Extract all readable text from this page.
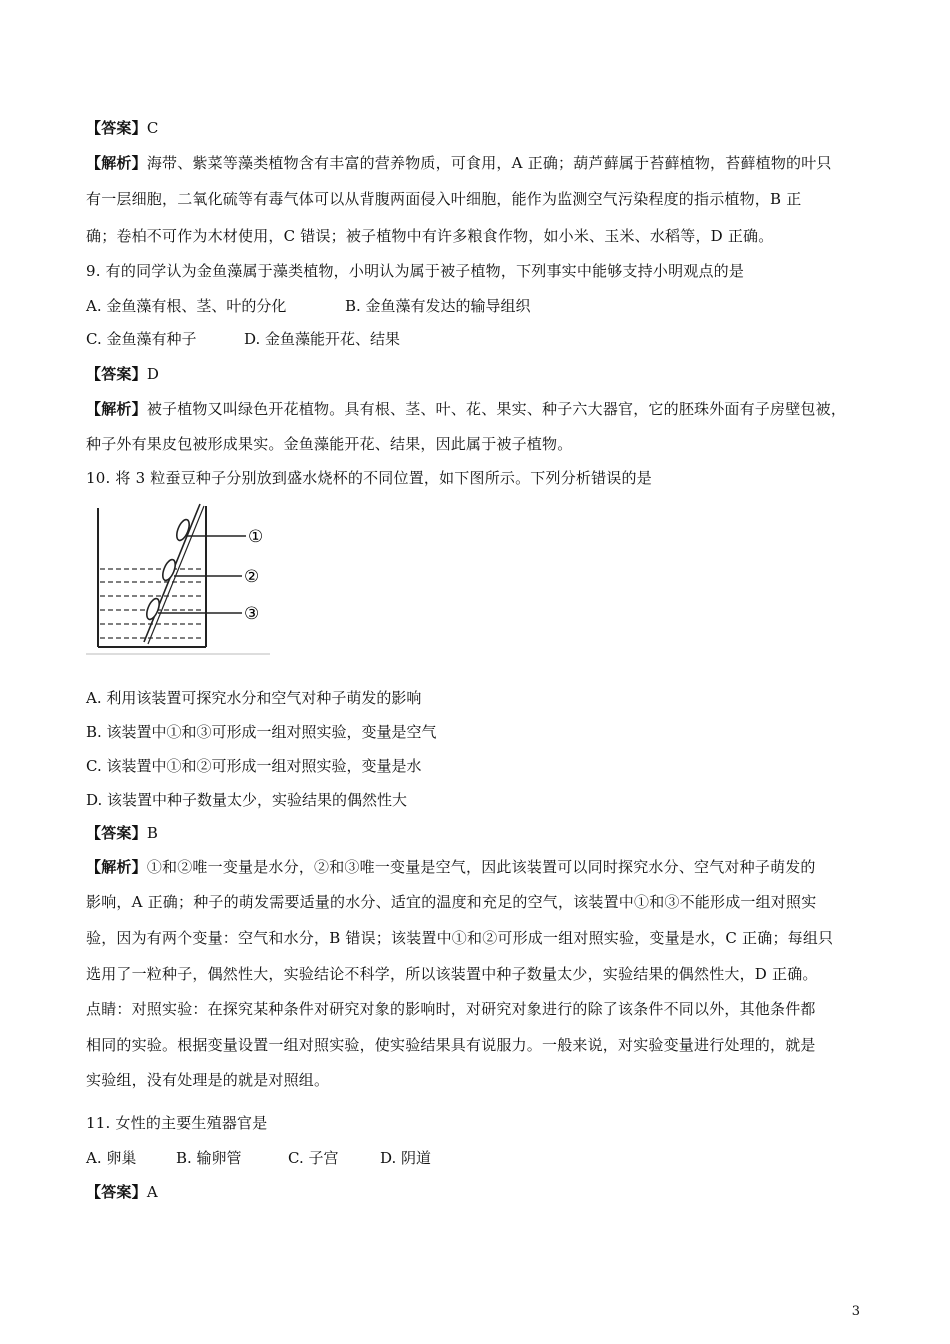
【答案】C
【解析】海带、紫菜等藻类植物含有丰富的营养物质，可食用，A 正确；葫芦藓属于苔藓植物，苔藓植物的叶只
有一层细胞，二氧化硫等有毒气体可以从背腹两面侵入叶细胞，能作为监测空气污染程度的指示植物，B 正
确；卷柏不可作为木材使用，C 错误；被子植物中有许多粮食作物，如小米、玉米、水稻等，D 正确。
9. 有的同学认为金鱼藻属于藻类植物，小明认为属于被子植物，下列事实中能够支持小明观点的是
A. 金鱼藻有根、茎、叶的分化	B. 金鱼藻有发达的输导组织
C. 金鱼藻有种子	D. 金鱼藻能开花、结果
【答案】D
【解析】被子植物又叫绿色开花植物。具有根、茎、叶、花、果实、种子六大器官，它的胚珠外面有子房壁包被，
种子外有果皮包被形成果实。金鱼藻能开花、结果，因此属于被子植物。
10. 将 3 粒蚕豆种子分别放到盛水烧杯的不同位置，如下图所示。下列分析错误的是
①
②
③
A. 利用该装置可探究水分和空气对种子萌发的影响
B. 该装置中①和③可形成一组对照实验，变量是空气
C. 该装置中①和②可形成一组对照实验，变量是水
D. 该装置中种子数量太少，实验结果的偶然性大
【答案】B
【解析】①和②唯一变量是水分，②和③唯一变量是空气，因此该装置可以同时探究水分、空气对种子萌发的
影响，A 正确；种子的萌发需要适量的水分、适宜的温度和充足的空气，该装置中①和③不能形成一组对照实
验，因为有两个变量：空气和水分，B 错误；该装置中①和②可形成一组对照实验，变量是水，C 正确；每组只
选用了一粒种子，偶然性大，实验结论不科学，所以该装置中种子数量太少，实验结果的偶然性大，D 正确。
点睛：对照实验：在探究某种条件对研究对象的影响时，对研究对象进行的除了该条件不同以外，其他条件都
相同的实验。根据变量设置一组对照实验，使实验结果具有说服力。一般来说，对实验变量进行处理的，就是
实验组，没有处理是的就是对照组。
11. 女性的主要生殖器官是
A. 卵巢	B. 输卵管	C. 子宫	D. 阴道
【答案】A
3
